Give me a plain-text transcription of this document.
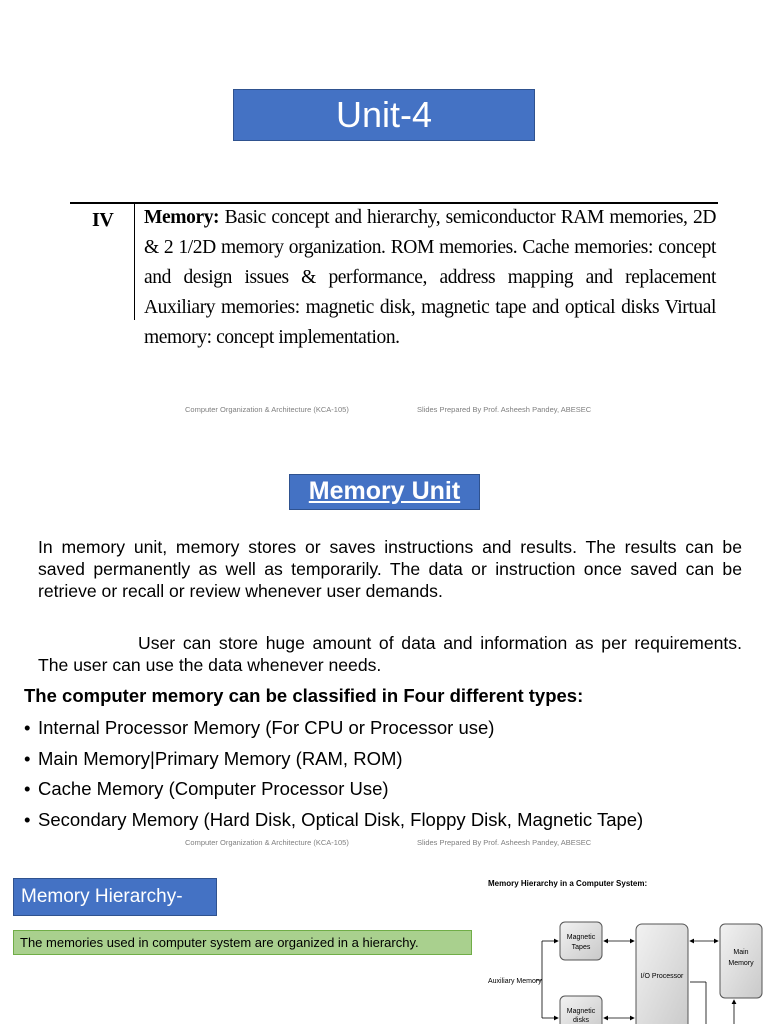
Unit-4
IV Memory: Basic concept and hierarchy, semiconductor RAM memories, 2D & 2 1/2D memory organization. ROM memories. Cache memories: concept and design issues & performance, address mapping and replacement Auxiliary memories: magnetic disk, magnetic tape and optical disks Virtual memory: concept implementation.
Computer Organization & Architecture (KCA-105)	Slides Prepared By Prof. Asheesh Pandey, ABESEC
Memory Unit
In memory unit, memory stores or saves instructions and results. The results can be saved permanently as well as temporarily. The data or instruction once saved can be retrieve or recall or review whenever user demands.
User can store huge amount of data and information as per requirements. The user can use the data whenever needs.
The computer memory can be classified in Four different types:
• Internal Processor Memory (For CPU or Processor use)
• Main Memory|Primary Memory (RAM, ROM)
• Cache Memory (Computer Processor Use)
• Secondary Memory (Hard Disk, Optical Disk, Floppy Disk, Magnetic Tape)
Computer Organization & Architecture (KCA-105)	Slides Prepared By Prof. Asheesh Pandey, ABESEC
Memory Hierarchy-
The memories used in computer system are organized in a hierarchy.
Memory Hierarchy in a Computer System:
Magnetic
Tapes
Magnetic
disks
I/O Processor
Main
Memory
Auxiliary Memory
